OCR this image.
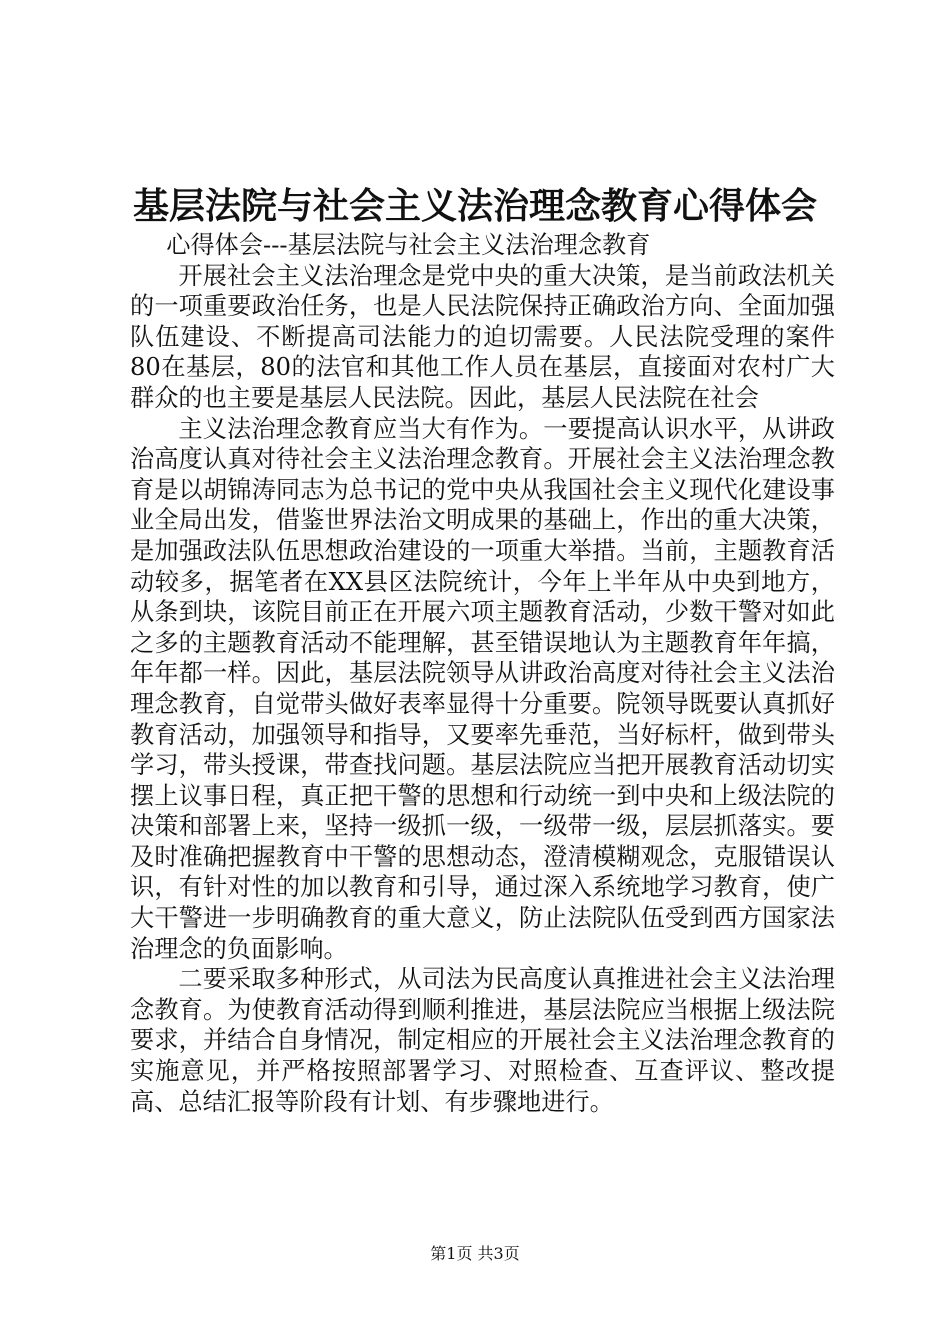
基层法院与社会主义法治理念教育心得体会

心得体会---基层法院与社会主义法治理念教育

开展社会主义法治理念是党中央的重大决策，是当前政法机关的一项重要政治任务，也是人民法院保持正确政治方向、全面加强队伍建设、不断提高司法能力的迫切需要。人民法院受理的案件80在基层，80的法官和其他工作人员在基层，直接面对农村广大群众的也主要是基层人民法院。因此，基层人民法院在社会

主义法治理念教育应当大有作为。一要提高认识水平，从讲政治高度认真对待社会主义法治理念教育。开展社会主义法治理念教育是以胡锦涛同志为总书记的党中央从我国社会主义现代化建设事业全局出发，借鉴世界法治文明成果的基础上，作出的重大决策，是加强政法队伍思想政治建设的一项重大举措。当前，主题教育活动较多，据笔者在XX县区法院统计，今年上半年从中央到地方，从条到块，该院目前正在开展六项主题教育活动，少数干警对如此之多的主题教育活动不能理解，甚至错误地认为主题教育年年搞，年年都一样。因此，基层法院领导从讲政治高度对待社会主义法治理念教育，自觉带头做好表率显得十分重要。院领导既要认真抓好教育活动，加强领导和指导，又要率先垂范，当好标杆，做到带头学习，带头授课，带查找问题。基层法院应当把开展教育活动切实摆上议事日程，真正把干警的思想和行动统一到中央和上级法院的决策和部署上来，坚持一级抓一级，一级带一级，层层抓落实。要及时准确把握教育中干警的思想动态，澄清模糊观念，克服错误认识，有针对性的加以教育和引导，通过深入系统地学习教育，使广大干警进一步明确教育的重大意义，防止法院队伍受到西方国家法治理念的负面影响。

二要采取多种形式，从司法为民高度认真推进社会主义法治理念教育。为使教育活动得到顺利推进，基层法院应当根据上级法院要求，并结合自身情况，制定相应的开展社会主义法治理念教育的实施意见，并严格按照部署学习、对照检查、互查评议、整改提高、总结汇报等阶段有计划、有步骤地进行。

第1页 共3页
